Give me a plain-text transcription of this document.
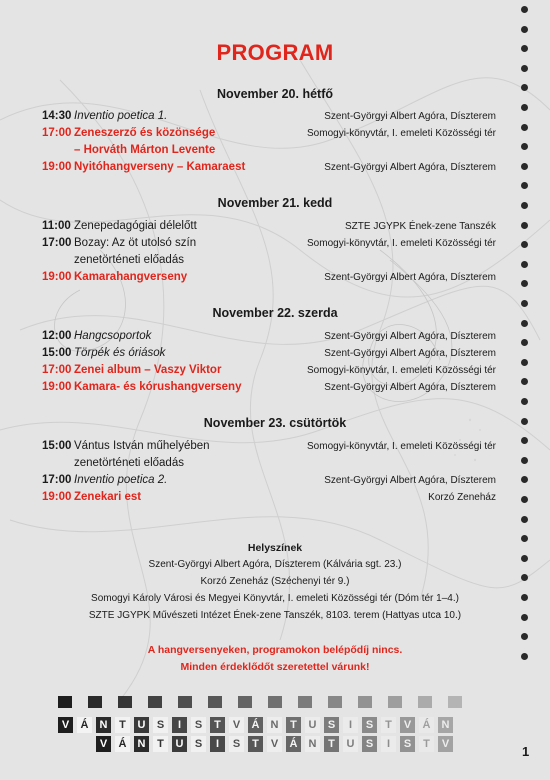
PROGRAM
November 20. hétfő
14:30 Inventio poetica 1.	Szent-Györgyi Albert Agóra, Díszterem
17:00 Zeneszerző és közönsége	Somogyi-könyvtár, I. emeleti Közösségi tér
– Horváth Márton Levente
19:00 Nyitóhangverseny – Kamaraest	Szent-Györgyi Albert Agóra, Díszterem
November 21. kedd
11:00 Zenepedagógiai délelőtt	SZTE JGYPK Ének-zene Tanszék
17:00 Bozay: Az öt utolsó szín	Somogyi-könyvtár, I. emeleti Közösségi tér
zenetörténeti előadás
19:00 Kamarahangverseny	Szent-Györgyi Albert Agóra, Díszterem
November 22. szerda
12:00 Hangcsoportok	Szent-Györgyi Albert Agóra, Díszterem
15:00 Törpék és óriások	Szent-Györgyi Albert Agóra, Díszterem
17:00 Zenei album – Vaszy Viktor	Somogyi-könyvtár, I. emeleti Közösségi tér
19:00 Kamara- és kórushangverseny	Szent-Györgyi Albert Agóra, Díszterem
November 23. csütörtök
15:00 Vántus István műhelyében	Somogyi-könyvtár, I. emeleti Közösségi tér
zenetörténeti előadás
17:00 Inventio poetica 2.	Szent-Györgyi Albert Agóra, Díszterem
19:00 Zenekari est	Korzó Zeneház
Helyszínek
Szent-Györgyi Albert Agóra, Díszterem (Kálvária sgt. 23.)
Korzó Zeneház (Széchenyi tér 9.)
Somogyi Károly Városi és Megyei Könyvtár, I. emeleti Közösségi tér (Dóm tér 1–4.)
SZTE JGYPK Művészeti Intézet Ének-zene Tanszék, 8103. terem (Hattyas utca 10.)
A hangversenyeken, programokon belépődíj nincs.
Minden érdeklődőt szeretettel várunk!
V	Á	N	T	U	S	I	S	T	V	Á	N	T	U	S	I	S	T	V	Á	N
V	Á	N	T	U	S	I	S	T	V	Á	N	T	U	S	I	S	T	V	1
